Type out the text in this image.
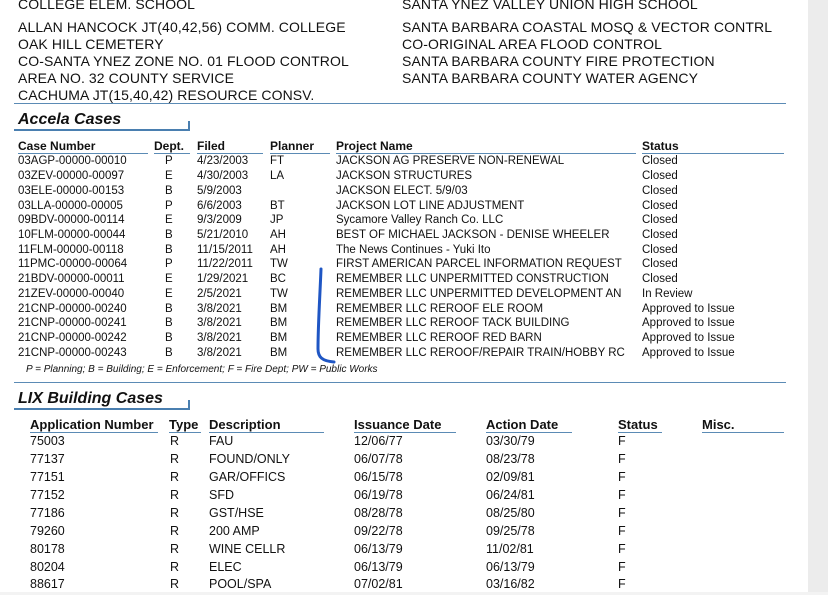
COLLEGE ELEM. SCHOOL
ALLAN HANCOCK JT(40,42,56) COMM. COLLEGE
OAK HILL CEMETERY
CO-SANTA YNEZ ZONE NO. 01 FLOOD CONTROL
AREA NO. 32 COUNTY SERVICE
CACHUMA JT(15,40,42) RESOURCE CONSV.
SANTA YNEZ VALLEY UNION HIGH SCHOOL
SANTA BARBARA COASTAL MOSQ & VECTOR CONTRL
CO-ORIGINAL AREA FLOOD CONTROL
SANTA BARBARA COUNTY FIRE PROTECTION
SANTA BARBARA COUNTY WATER AGENCY
Accela Cases
Case Number	Dept. Filed	Planner Project Name	Status
03AGP-00000-00010	P 4/23/2003 FT	JACKSON AG PRESERVE NON-RENEWAL	Closed
03ZEV-00000-00097	E 4/30/2003 LA	JACKSON STRUCTURES	Closed
03ELE-00000-00153	B 5/9/2003	JACKSON ELECT. 5/9/03	Closed
03LLA-00000-00005	P 6/6/2003 BT	JACKSON LOT LINE ADJUSTMENT	Closed
09BDV-00000-00114	E 9/3/2009 JP	Sycamore Valley Ranch Co. LLC	Closed
10FLM-00000-00044	B 5/21/2010 AH	BEST OF MICHAEL JACKSON - DENISE WHEELER	Closed
11FLM-00000-00118	B 11/15/2011 AH	The News Continues - Yuki Ito	Closed
11PMC-00000-00064	P 11/22/2011 TW	FIRST AMERICAN PARCEL INFORMATION REQUEST	Closed
21BDV-00000-00011	E 1/29/2021 BC	REMEMBER LLC UNPERMITTED CONSTRUCTION	Closed
21ZEV-00000-00040	E 2/5/2021 TW	REMEMBER LLC UNPERMITTED DEVELOPMENT AN	In Review
21CNP-00000-00240	B 3/8/2021 BM	REMEMBER LLC REROOF ELE ROOM	Approved to Issue
21CNP-00000-00241	B 3/8/2021 BM	REMEMBER LLC REROOF TACK BUILDING	Approved to Issue
21CNP-00000-00242	B 3/8/2021 BM	REMEMBER LLC REROOF RED BARN	Approved to Issue
21CNP-00000-00243	B 3/8/2021 BM	REMEMBER LLC REROOF/REPAIR TRAIN/HOBBY RC	Approved to Issue
P = Planning; B = Building; E = Enforcement; F = Fire Dept; PW = Public Works
LIX Building Cases
Application Number Type Description	Issuance Date	Action Date	Status	Misc.
75003	R FAU	12/06/77	03/30/79	F
77137	R FOUND/ONLY	06/07/78	08/23/78	F
77151	R GAR/OFFICS	06/15/78	02/09/81	F
77152	R SFD	06/19/78	06/24/81	F
77186	R GST/HSE	08/28/78	08/25/80	F
79260	R 200 AMP	09/22/78	09/25/78	F
80178	R WINE CELLR	06/13/79	11/02/81	F
80204	R ELEC	06/13/79	06/13/79	F
88617	R POOL/SPA	07/02/81	03/16/82	F
